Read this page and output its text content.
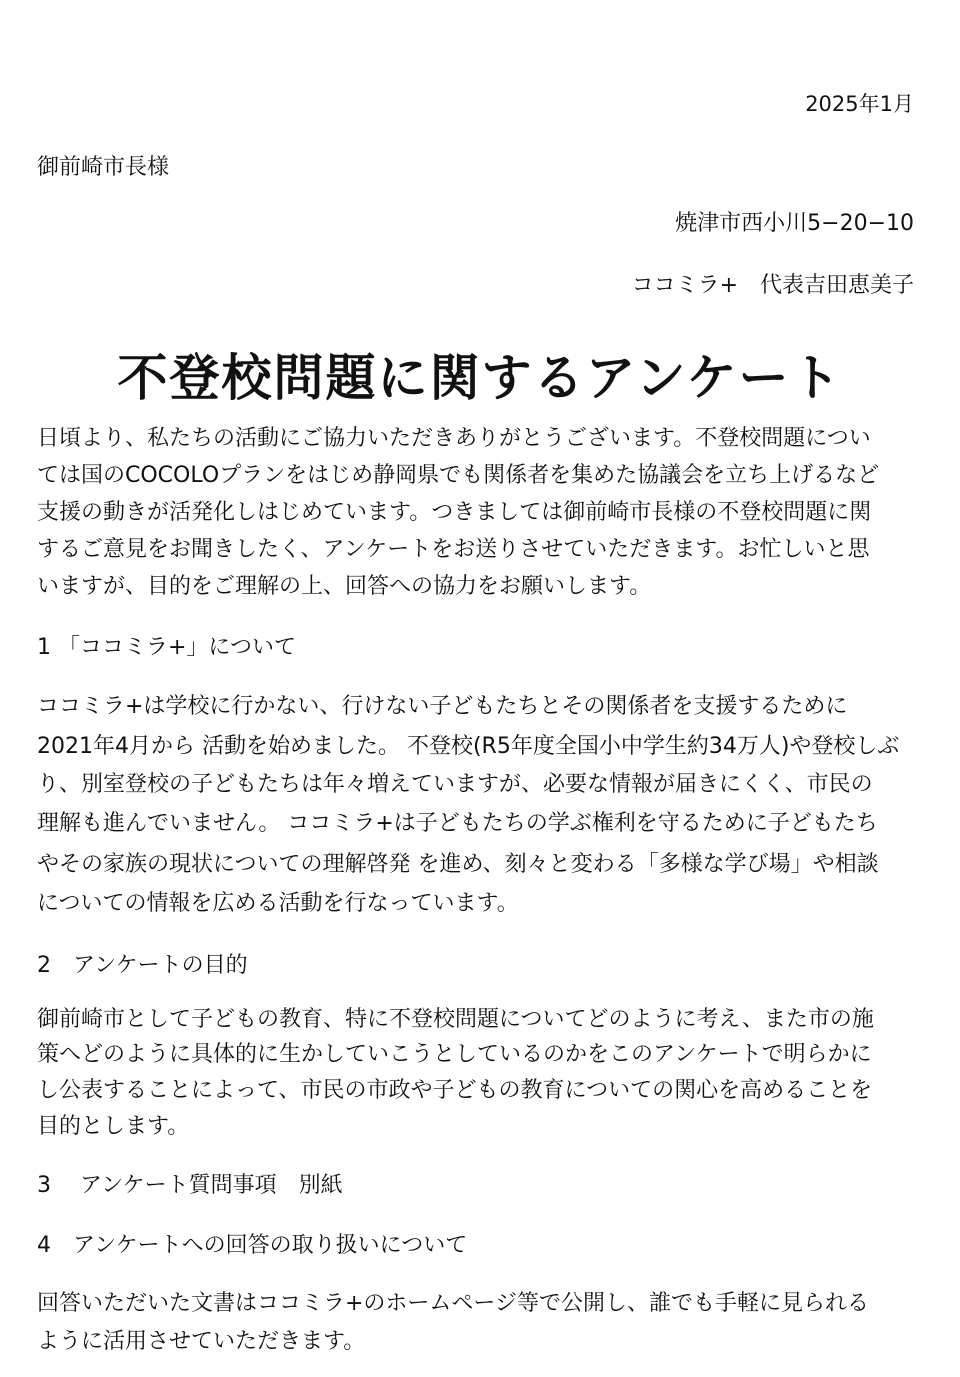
2025年1月
御前崎市長様
焼津市西小川5−20−10
ココミラ+　代表吉田恵美子
不登校問題に関するアンケート
日頃より、私たちの活動にご協力いただきありがとうございます。不登校問題につい
ては国のCOCOLOプランをはじめ静岡県でも関係者を集めた協議会を立ち上げるなど
支援の動きが活発化しはじめています。つきましては御前崎市長様の不登校問題に関
するご意見をお聞きしたく、アンケートをお送りさせていただきます。お忙しいと思
いますが、目的をご理解の上、回答への協力をお願いします。
1 「ココミラ+」について
ココミラ+は学校に行かない、行けない子どもたちとその関係者を支援するために
2021年4月から 活動を始めました。 不登校(R5年度全国小中学生約34万人)や登校しぶ
り、別室登校の子どもたちは年々増えていますが、必要な情報が届きにくく、市民の
理解も進んでいません。 ココミラ+は子どもたちの学ぶ権利を守るために子どもたち
やその家族の現状についての理解啓発 を進め、刻々と変わる「多様な学び場」や相談
についての情報を広める活動を行なっています。
2　アンケートの目的
御前崎市として子どもの教育、特に不登校問題についてどのように考え、また市の施
策へどのように具体的に生かしていこうとしているのかをこのアンケートで明らかに
し公表することによって、市民の市政や子どもの教育についての関心を高めることを
目的とします。
3　 アンケート質問事項　別紙
4　アンケートへの回答の取り扱いについて
回答いただいた文書はココミラ+のホームページ等で公開し、誰でも手軽に見られる
ように活用させていただきます。
